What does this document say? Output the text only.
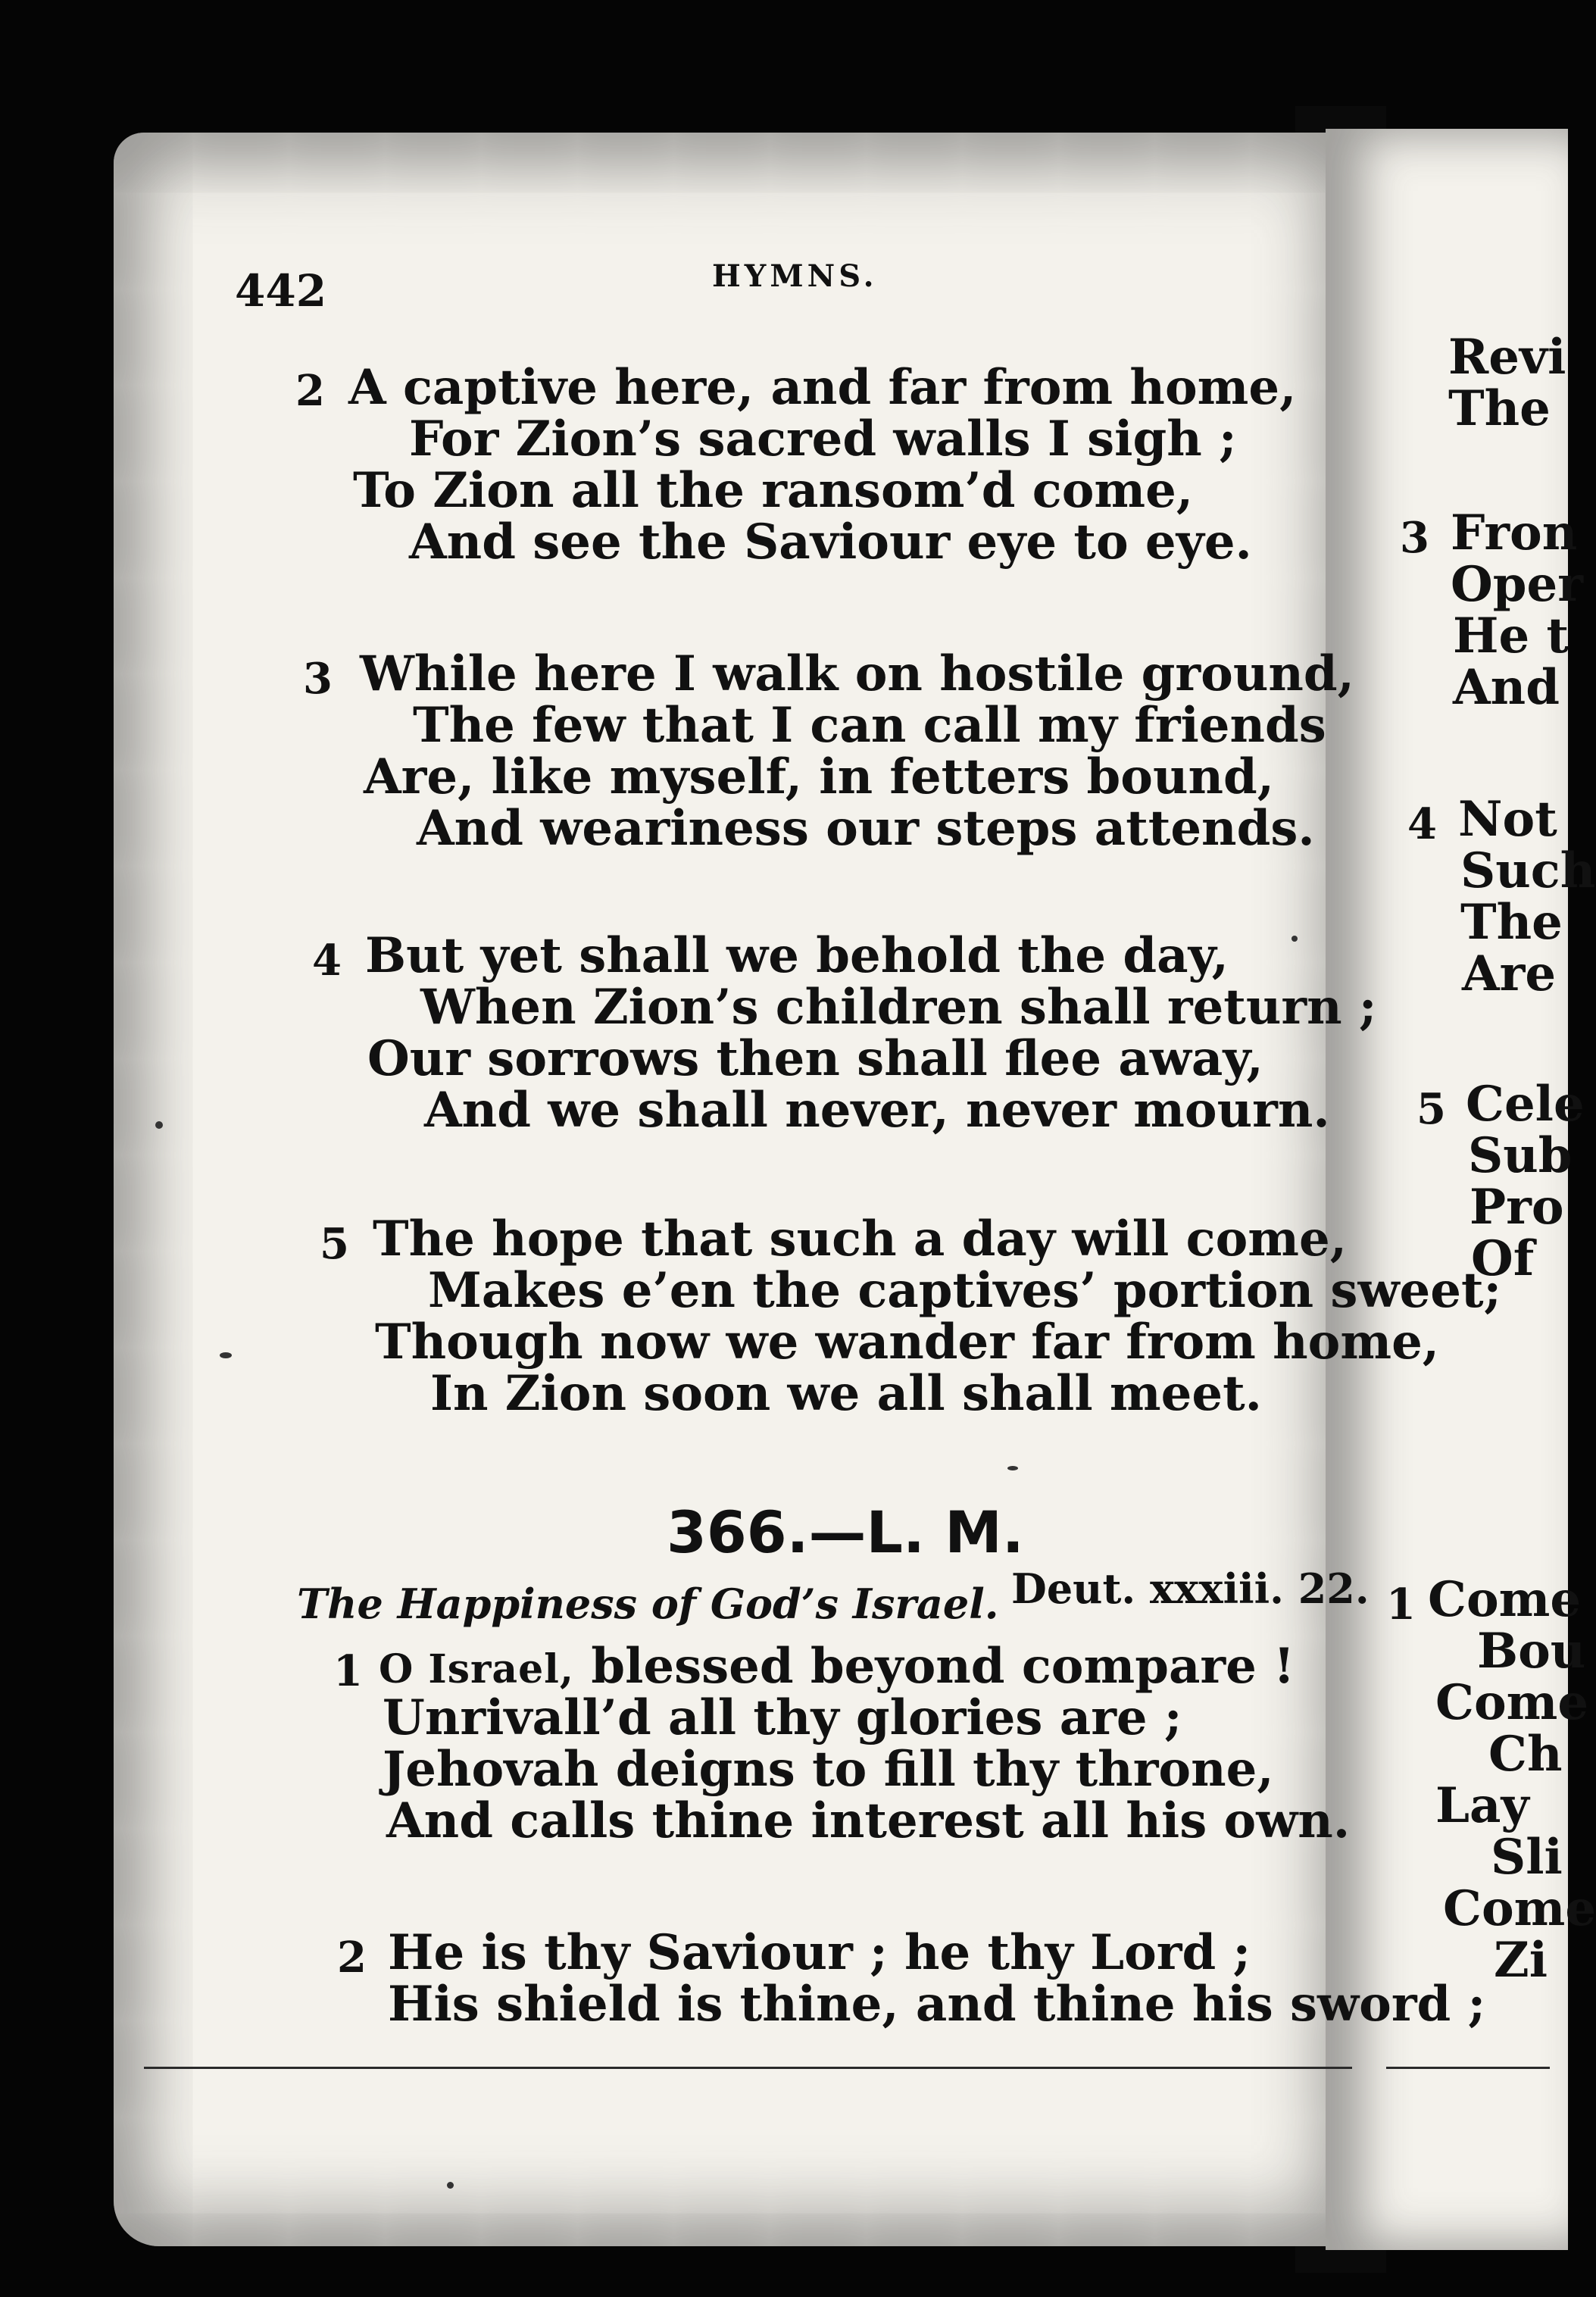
442	HYMNS.
2 A captive here, and far from home,
For Zion’s sacred walls I sigh ;
To Zion all the ransom’d come,
And see the Saviour eye to eye.
3 While here I walk on hostile ground,
The few that I can call my friends
Are, like myself, in fetters bound,
And weariness our steps attends.
4 But yet shall we behold the day,
When Zion’s children shall return ;
Our sorrows then shall flee away,
And we shall never, never mourn.
5 The hope that such a day will come,
Makes e’en the captives’ portion sweet;
Though now we wander far from home,
In Zion soon we all shall meet.
366.—L. M.
The Happiness of God’s Israel. Deut. xxxiii. 22.
1 O Israel, blessed beyond compare !
Unrivall’d all thy glories are ;
Jehovah deigns to fill thy throne,
And calls thine interest all his own.
2 He is thy Saviour ; he thy Lord ;
His shield is thine, and thine his sword ;
Revi
The
3 Fron
Oper
He t
And
4 Not
Such
The
Are
5 Cele
Sub
Pro
Of
1 Come
Bou
Come
Ch
Lay
Sli
Come
Zi
